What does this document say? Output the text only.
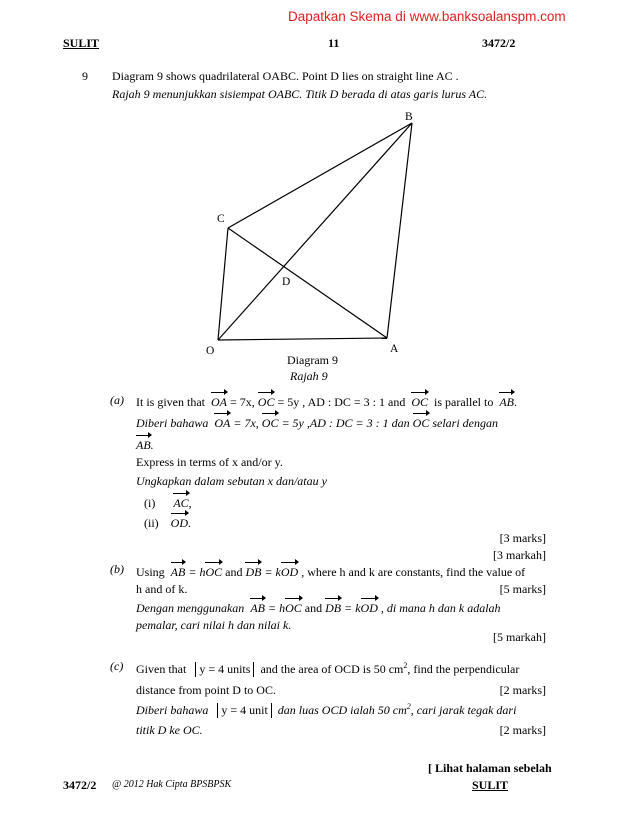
Dapatkan Skema di www.banksoalanspm.com
SULIT	11	3472/2
9 Diagram 9 shows quadrilateral OABC. Point D lies on straight line AC .
Rajah 9 menunjukkan sisiempat OABC. Titik D berada di atas garis lurus AC.
B
C
D
O	A
Diagram 9
Rajah 9
(a) It is given that OA = 7x, OC = 5y , AD : DC = 3 : 1 and OC is parallel to AB.
Diberi bahawa OA = 7x, OC = 5y ,AD : DC = 3 : 1 dan OC selari dengan
AB.
Express in terms of x and/or y.
Ungkapkan dalam sebutan x dan/atau y
(i) AC,
(ii) OD.
[3 marks]
[3 markah]
(b) Using AB = hOC and DB = kOD , where h and k are constants, find the value of
h and of k.	[5 marks]
Dengan menggunakan AB = hOC and DB = kOD , di mana h dan k adalah
pemalar, cari nilai h dan nilai k.
[5 markah]
(c) Given that y = 4 units and the area of OCD is 50 $cm^2$, find the perpendicular
distance from point D to OC.	[2 marks]
Diberi bahawa y = 4 unit dan luas OCD ialah 50 $cm^2$, cari jarak tegak dari
titik D ke OC.	[2 marks]
[ Lihat halaman sebelah
3472/2 @ 2012 Hak Cipta BPSBPSK	SULIT
